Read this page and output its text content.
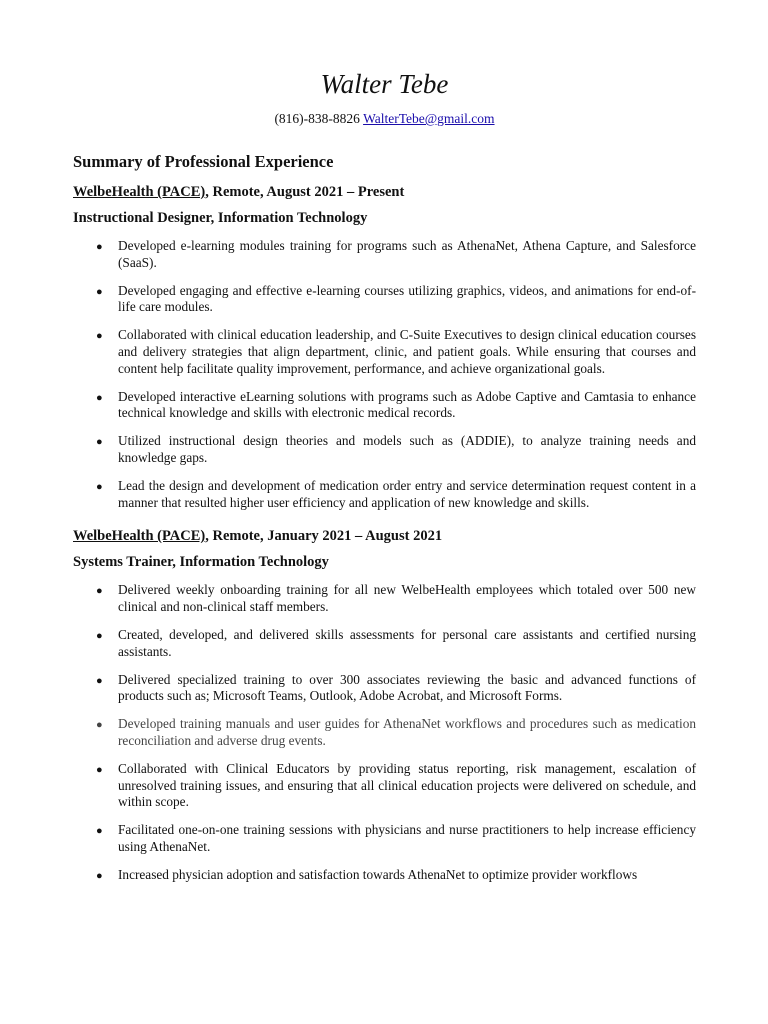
Walter Tebe
(816)-838-8826 WalterTebe@gmail.com
Summary of Professional Experience
WelbeHealth (PACE), Remote, August 2021 – Present
Instructional Designer, Information Technology
● Developed e-learning modules training for programs such as AthenaNet, Athena Capture, and Salesforce (SaaS).
● Developed engaging and effective e-learning courses utilizing graphics, videos, and animations for end-of-life care modules.
● Collaborated with clinical education leadership, and C-Suite Executives to design clinical education courses and delivery strategies that align department, clinic, and patient goals. While ensuring that courses and content help facilitate quality improvement, performance, and achieve organizational goals.
● Developed interactive eLearning solutions with programs such as Adobe Captive and Camtasia to enhance technical knowledge and skills with electronic medical records.
● Utilized instructional design theories and models such as (ADDIE), to analyze training needs and knowledge gaps.
● Lead the design and development of medication order entry and service determination request content in a manner that resulted higher user efficiency and application of new knowledge and skills.
WelbeHealth (PACE), Remote, January 2021 – August 2021
Systems Trainer, Information Technology
● Delivered weekly onboarding training for all new WelbeHealth employees which totaled over 500 new clinical and non-clinical staff members.
● Created, developed, and delivered skills assessments for personal care assistants and certified nursing assistants.
● Delivered specialized training to over 300 associates reviewing the basic and advanced functions of products such as; Microsoft Teams, Outlook, Adobe Acrobat, and Microsoft Forms.
● Developed training manuals and user guides for AthenaNet workflows and procedures such as medication reconciliation and adverse drug events.
● Collaborated with Clinical Educators by providing status reporting, risk management, escalation of unresolved training issues, and ensuring that all clinical education projects were delivered on schedule, and within scope.
● Facilitated one-on-one training sessions with physicians and nurse practitioners to help increase efficiency using AthenaNet.
● Increased physician adoption and satisfaction towards AthenaNet to optimize provider workflows
